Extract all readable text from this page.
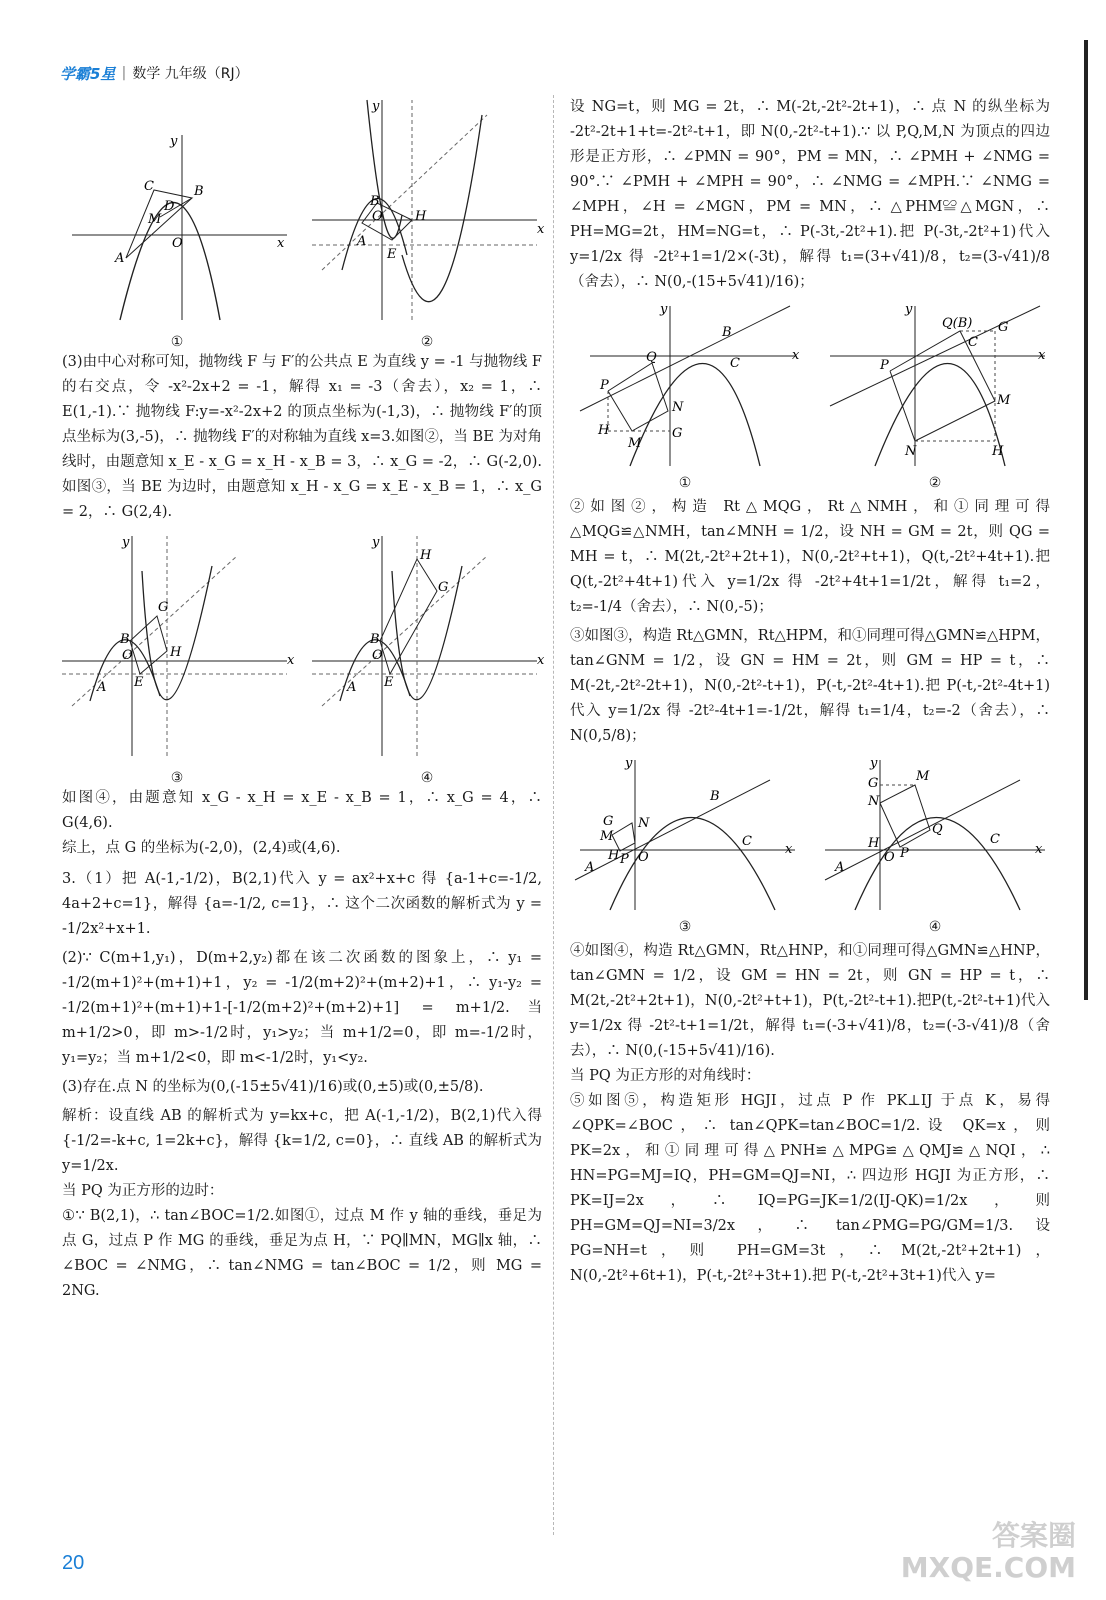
学霸5星 | 数学 九年级（RJ）
x
y
O
C	B
D
M
A
①
x
y
B
H
E
A
O
②

(3)由中心对称可知，抛物线 F 与 F′的公共点 E 为直线 y = -1 与抛物线 F 的右交点，令 -x²-2x+2 = -1，解得 x₁ = -3（舍去），x₂ = 1，∴ E(1,-1).∵ 抛物线 F:y=-x²-2x+2 的顶点坐标为(-1,3)，∴ 抛物线 F′的顶点坐标为(3,-5)，∴ 抛物线 F′的对称轴为直线 x=3.如图②，当 BE 为对角线时，由题意知 x_E - x_G = x_H - x_B = 3，∴ x_G = -2，∴ G(-2,0).如图③，当 BE 为边时，由题意知 x_H - x_G = x_E - x_B = 1，∴ x_G = 2，∴ G(2,4).

x
y
B
G
H
E
A
O
③
x
y
B
H
G
E
A
O
④

如图④，由题意知 x_G - x_H = x_E - x_B = 1，∴ x_G = 4，∴ G(4,6).

综上，点 G 的坐标为(-2,0)，(2,4)或(4,6).

3.（1）把 A(-1,-1/2)，B(2,1)代入 y = ax²+x+c 得 {a-1+c=-1/2, 4a+2+c=1}，解得 {a=-1/2, c=1}，∴ 这个二次函数的解析式为 y = -1/2x²+x+1.

(2)∵ C(m+1,y₁)，D(m+2,y₂)都在该二次函数的图象上，∴ y₁ = -1/2(m+1)²+(m+1)+1，y₂ = -1/2(m+2)²+(m+2)+1，∴ y₁-y₂ = -1/2(m+1)²+(m+1)+1-[-1/2(m+2)²+(m+2)+1] = m+1/2.当 m+1/2>0，即 m>-1/2时，y₁>y₂；当 m+1/2=0，即 m=-1/2时，y₁=y₂；当 m+1/2<0，即 m<-1/2时，y₁<y₂.

(3)存在.点 N 的坐标为(0,(-15±5√41)/16)或(0,±5)或(0,±5/8).

解析：设直线 AB 的解析式为 y=kx+c，把 A(-1,-1/2)，B(2,1)代入得 {-1/2=-k+c, 1=2k+c}，解得 {k=1/2, c=0}，∴ 直线 AB 的解析式为 y=1/2x.

当 PQ 为正方形的边时：

①∵ B(2,1)，∴ tan∠BOC=1/2.如图①，过点 M 作 y 轴的垂线，垂足为点 G，过点 P 作 MG 的垂线，垂足为点 H，∵ PQ∥MN，MG∥x 轴，∴ ∠BOC = ∠NMG，∴ tan∠NMG = tan∠BOC = 1/2，则 MG = 2NG.

设 NG=t，则 MG = 2t，∴ M(-2t,-2t²-2t+1)，∴ 点 N 的纵坐标为 -2t²-2t+1+t=-2t²-t+1，即 N(0,-2t²-t+1).∵ 以 P,Q,M,N 为顶点的四边形是正方形，∴ ∠PMN = 90°，PM = MN，∴ ∠PMH + ∠NMG = 90°.∵ ∠PMH + ∠MPH = 90°，∴ ∠NMG = ∠MPH.∵ ∠NMG = ∠MPH，∠H = ∠MGN，PM = MN，∴ △PHM≌△MGN，∴ PH=MG=2t，HM=NG=t，∴ P(-3t,-2t²+1).把 P(-3t,-2t²+1)代入 y=1/2x 得 -2t²+1=1/2×(-3t)，解得 t₁=(3+√41)/8，t₂=(3-√41)/8（舍去），∴ N(0,-(15+5√41)/16)；

x
y
B
Q
P
N
H
M
G
C
①
x
y
Q(B)
P
N
M
G
C
H
②

②如图②，构造 Rt△MQG，Rt△NMH，和①同理可得△MQG≌△NMH，tan∠MNH = 1/2，设 NH = GM = 2t，则 QG = MH = t，∴ M(2t,-2t²+2t+1)，N(0,-2t²+t+1)，Q(t,-2t²+4t+1).把Q(t,-2t²+4t+1)代入 y=1/2x 得 -2t²+4t+1=1/2t，解得 t₁=2，t₂=-1/4（舍去），∴ N(0,-5)；

③如图③，构造 Rt△GMN，Rt△HPM，和①同理可得△GMN≌△HPM，tan∠GNM = 1/2，设 GN = HM = 2t，则 GM = HP = t，∴ M(-2t,-2t²-2t+1)，N(0,-2t²-t+1)，P(-t,-2t²-4t+1).把 P(-t,-2t²-4t+1)代入 y=1/2x 得 -2t²-4t+1=-1/2t，解得 t₁=1/4，t₂=-2（舍去），∴ N(0,5/8)；

x
y
B
G
M
N
O
H P
A
C
③
x
y
M
G
N
Q
P
H
O
A
C
④

④如图④，构造 Rt△GMN，Rt△HNP，和①同理可得△GMN≌△HNP，tan∠GMN = 1/2，设 GM = HN = 2t，则 GN = HP = t，∴ M(2t,-2t²+2t+1)，N(0,-2t²+t+1)，P(t,-2t²-t+1).把P(t,-2t²-t+1)代入 y=1/2x 得 -2t²-t+1=1/2t，解得 t₁=(-3+√41)/8，t₂=(-3-√41)/8（舍去），∴ N(0,(-15+5√41)/16).

当 PQ 为正方形的对角线时：

⑤如图⑤，构造矩形 HGJI，过点 P 作 PK⊥IJ 于点 K，易得∠QPK=∠BOC，∴ tan∠QPK=tan∠BOC=1/2.设 QK=x，则 PK=2x，和①同理可得△PNH≌△MPG≌△QMJ≌△NQI，∴ HN=PG=MJ=IQ，PH=GM=QJ=NI，∴ 四边形 HGJI 为正方形，∴ PK=IJ=2x，∴ IQ=PG=JK=1/2(IJ-QK)=1/2x，则 PH=GM=QJ=NI=3/2x，∴ tan∠PMG=PG/GM=1/3.设 PG=NH=t，则 PH=GM=3t，∴ M(2t,-2t²+2t+1)，N(0,-2t²+6t+1)，P(-t,-2t²+3t+1).把 P(-t,-2t²+3t+1)代入 y=

20
答案圈
MXQE.COM
